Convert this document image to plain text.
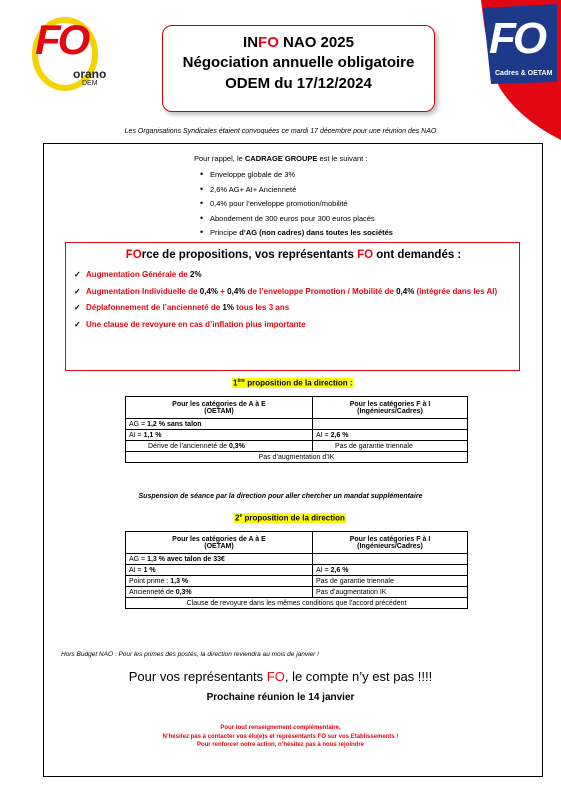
FO
orano
DEM
INFO NAO 2025
Négociation annuelle obligatoire
ODEM du 17/12/2024
FO
Cadres & OETAM
Les Organisations Syndicales étaient convoquées ce mardi 17 décembre pour une réunion des NAO
Pour rappel, le CADRAGE GROUPE est le suivant :
• Enveloppe globale de 3%
• 2,6% AG+ AI+ Ancienneté
• 0,4% pour l’enveloppe promotion/mobilité
• Abondement de 300 euros pour 300 euros placés
• Principe d’AG (non cadres) dans toutes les sociétés
FOrce de propositions, vos représentants FO ont demandés :
✓ Augmentation Générale de 2%
✓ Augmentation Individuelle de 0,4% + 0,4% de l’enveloppe Promotion / Mobilité de 0,4% (intégrée dans les AI)
✓ Déplafonnement de l’ancienneté de 1% tous les 3 ans
✓ Une clause de revoyure en cas d’inflation plus importante
1ère proposition de la direction :
Pour les catégories de A à E
(OETAM)	Pour les catégories F à I
(Ingénieurs/Cadres)
AG = 1,2 % sans talon	
AI = 1,1 %	AI = 2,6 %
Dérive de l’ancienneté de 0,3%	Pas de garantie triennale
Pas d’augmentation d’IK	
Suspension de séance par la direction pour aller chercher un mandat supplémentaire
2e proposition de la direction
Pour les catégories de A à E
(OETAM)	Pour les catégories F à I
(Ingénieurs/Cadres)
AG = 1,3 % avec talon de 33€	
AI = 1 %	AI = 2,6 %
Point prime : 1,3 %	Pas de garantie triennale
Ancienneté de 0,3%	Pas d’augmentation IK
Clause de revoyure dans les mêmes conditions que l’accord précédent	
Hors Budget NAO : Pour les primes des postés, la direction reviendra au mois de janvier !
Pour vos représentants FO, le compte n’y est pas !!!!
Prochaine réunion le 14 janvier
Pour tout renseignement complémentaire,
N’hésitez pas à contacter vos élu(e)s et représentants FO sur vos Etablissements !
Pour renforcer notre action, n’hésitez pas à nous rejoindre
